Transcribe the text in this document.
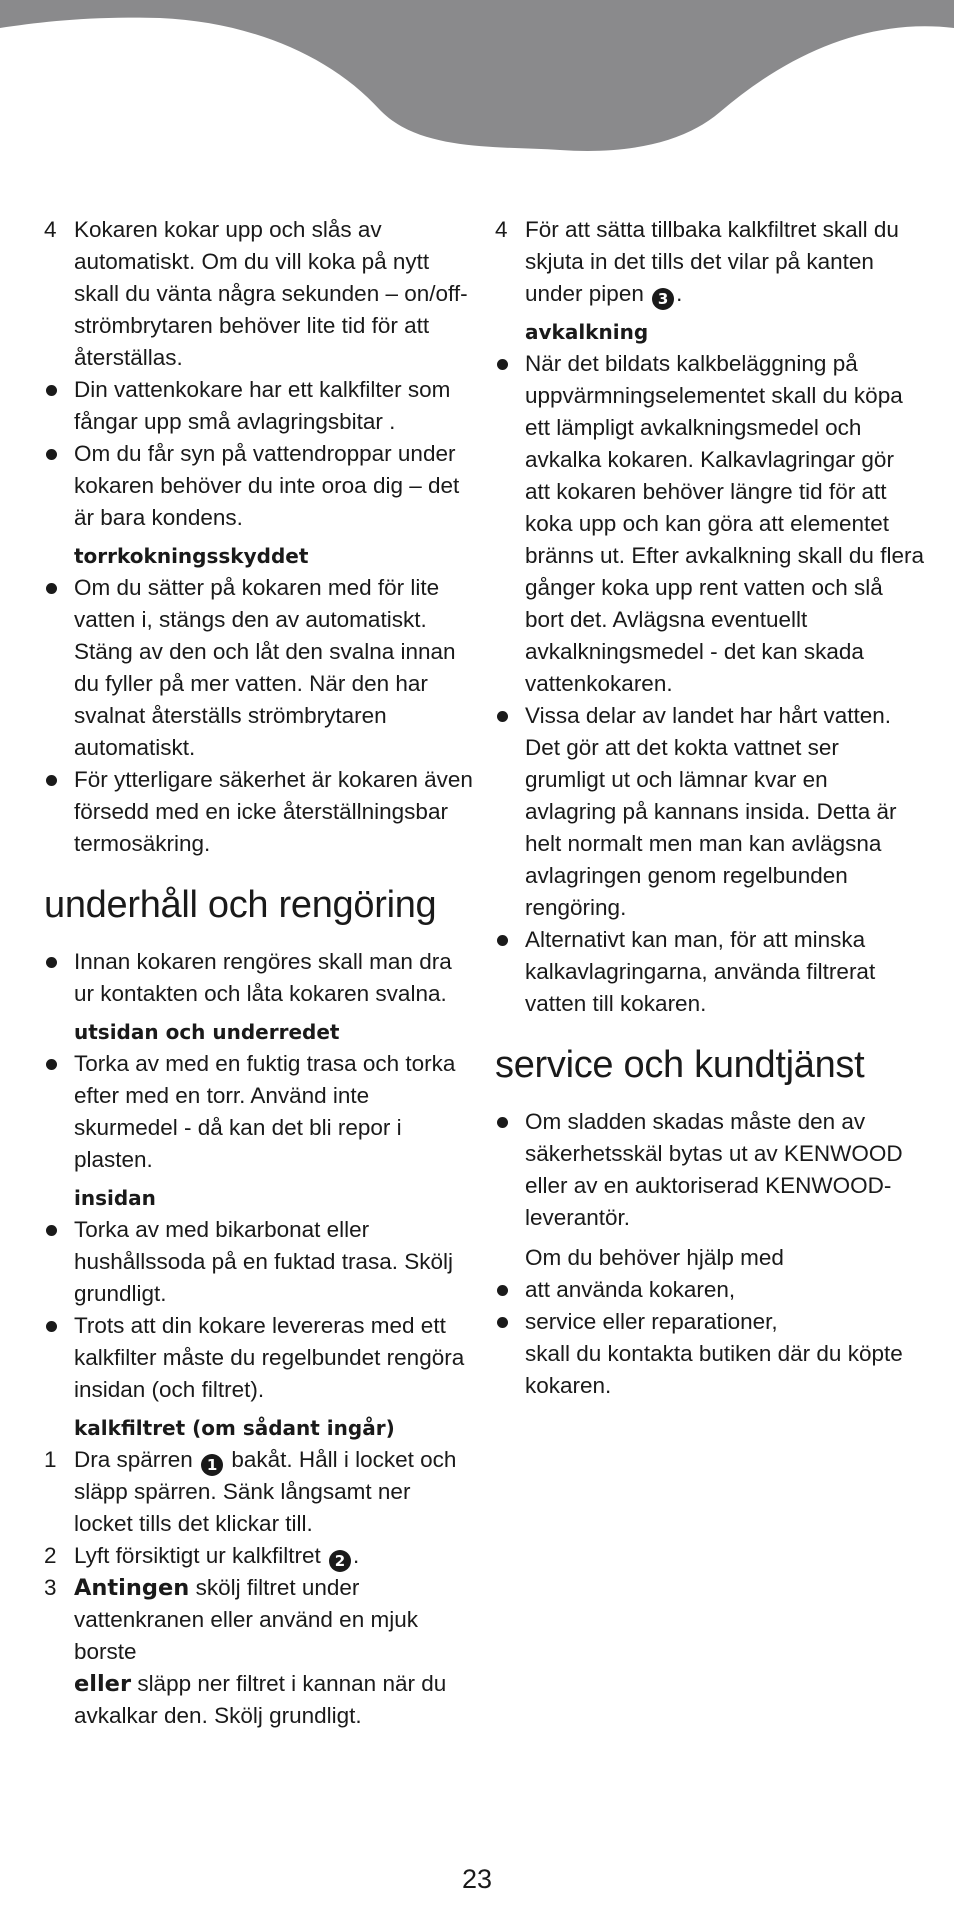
4 Kokaren kokar upp och slås av automatiskt. Om du vill koka på nytt skall du vänta några sekunden – on/off-strömbrytaren behöver lite tid för att återställas.
Din vattenkokare har ett kalkfilter som fångar upp små avlagringsbitar .
Om du får syn på vattendroppar under kokaren behöver du inte oroa dig – det är bara kondens.
torrkokningsskyddet
Om du sätter på kokaren med för lite vatten i, stängs den av automatiskt. Stäng av den och låt den svalna innan du fyller på mer vatten. När den har svalnat återställs strömbrytaren automatiskt.
För ytterligare säkerhet är kokaren även försedd med en icke återställningsbar termosäkring.
underhåll och rengöring
Innan kokaren rengöres skall man dra ur kontakten och låta kokaren svalna.
utsidan och underredet
Torka av med en fuktig trasa och torka efter med en torr. Använd inte skurmedel - då kan det bli repor i plasten.
insidan
Torka av med bikarbonat eller hushållssoda på en fuktad trasa. Skölj grundligt.
Trots att din kokare levereras med ett kalkfilter måste du regelbundet rengöra insidan (och filtret).
kalkfiltret (om sådant ingår)
1 Dra spärren 1 bakåt. Håll i locket och släpp spärren. Sänk långsamt ner locket tills det klickar till.
2 Lyft försiktigt ur kalkfiltret 2 .
3 Antingen skölj filtret under vattenkranen eller använd en mjuk borste
eller släpp ner filtret i kannan när du avkalkar den. Skölj grundligt.
4 För att sätta tillbaka kalkfiltret skall du skjuta in det tills det vilar på kanten under pipen 3 .
avkalkning
När det bildats kalkbeläggning på uppvärmningselementet skall du köpa ett lämpligt avkalkningsmedel och avkalka kokaren. Kalkavlagringar gör att kokaren behöver längre tid för att koka upp och kan göra att elementet bränns ut. Efter avkalkning skall du flera gånger koka upp rent vatten och slå bort det. Avlägsna eventuellt avkalkningsmedel - det kan skada vattenkokaren.
Vissa delar av landet har hårt vatten. Det gör att det kokta vattnet ser grumligt ut och lämnar kvar en avlagring på kannans insida. Detta är helt normalt men man kan avlägsna avlagringen genom regelbunden rengöring.
Alternativt kan man, för att minska kalkavlagringarna, använda filtrerat vatten till kokaren.
service och kundtjänst
Om sladden skadas måste den av säkerhetsskäl bytas ut av KENWOOD eller av en auktoriserad KENWOOD-leverantör.
Om du behöver hjälp med
att använda kokaren,
service eller reparationer,
skall du kontakta butiken där du köpte kokaren.
23
